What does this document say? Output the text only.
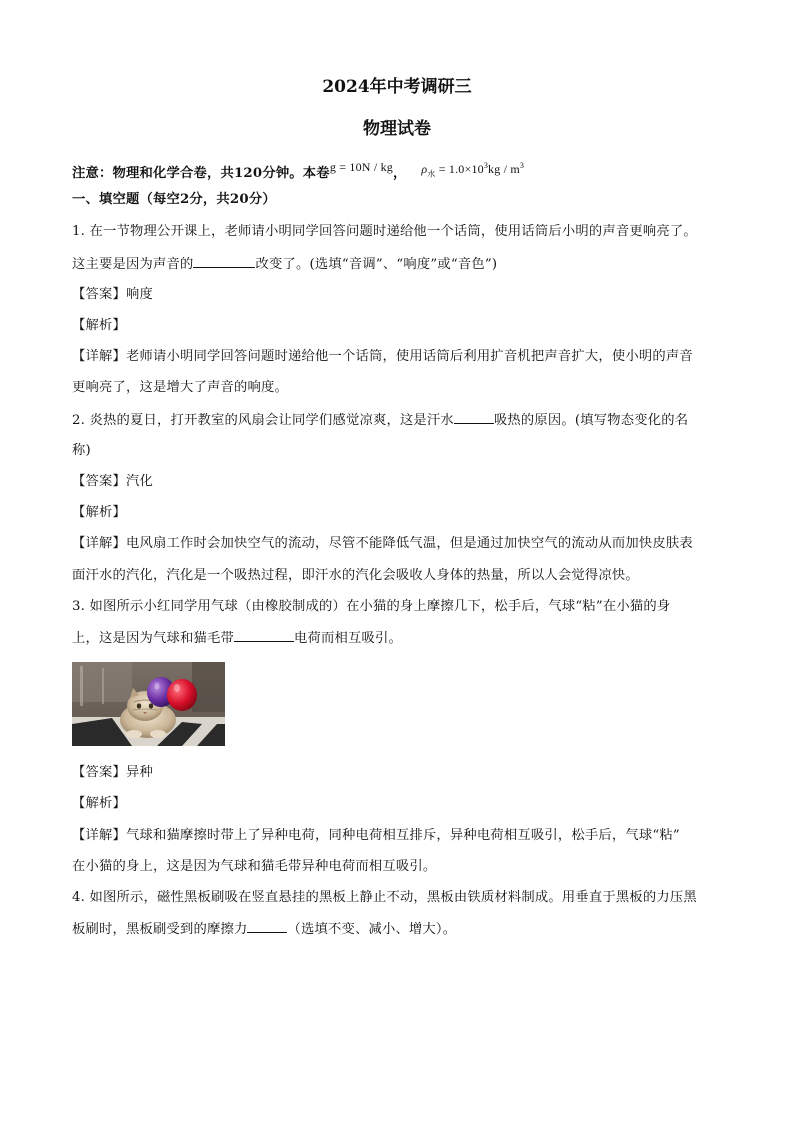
2024年中考调研三
物理试卷
注意：物理和化学合卷，共120分钟。本卷g = 10N / kg， $\rho_水 = 1.0\times 10^3kg / m^3$
一、填空题（每空2分，共20分）
1. 在一节物理公开课上，老师请小明同学回答问题时递给他一个话筒，使用话筒后小明的声音更响亮了。
这主要是因为声音的	改变了。(选填“音调”、“响度”或“音色”)
【答案】响度
【解析】
【详解】老师请小明同学回答问题时递给他一个话筒，使用话筒后利用扩音机把声音扩大，使小明的声音
更响亮了，这是增大了声音的响度。
2. 炎热的夏日，打开教室的风扇会让同学们感觉凉爽，这是汗水	吸热的原因。(填写物态变化的名
称)
【答案】汽化
【解析】
【详解】电风扇工作时会加快空气的流动，尽管不能降低气温，但是通过加快空气的流动从而加快皮肤表
面汗水的汽化，汽化是一个吸热过程，即汗水的汽化会吸收人身体的热量，所以人会觉得凉快。
3. 如图所示小红同学用气球（由橡胶制成的）在小猫的身上摩擦几下，松手后，气球“粘”在小猫的身
上，这是因为气球和猫毛带	电荷而相互吸引。
【答案】异种
【解析】
【详解】气球和猫摩擦时带上了异种电荷，同种电荷相互排斥，异种电荷相互吸引，松手后，气球“粘”
在小猫的身上，这是因为气球和猫毛带异种电荷而相互吸引。
4. 如图所示，磁性黑板刷吸在竖直悬挂的黑板上静止不动，黑板由铁质材料制成。用垂直于黑板的力压黑
板刷时，黑板刷受到的摩擦力	（选填不变、减小、增大）。
